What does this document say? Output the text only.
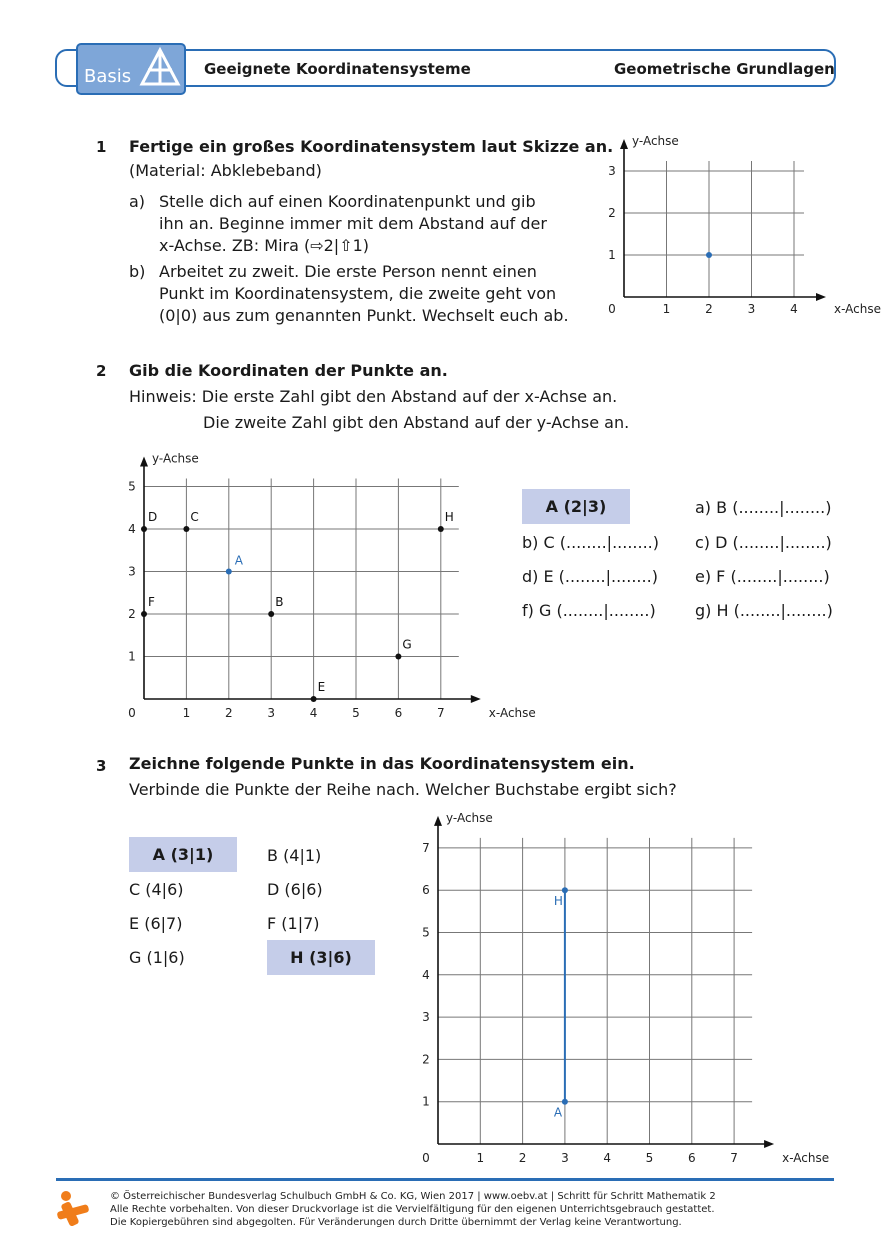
Basis	Geeignete Koordinatensysteme	Geometrische Grundlagen
1 Fertige ein großes Koordinatensystem laut Skizze an.
(Material: Abklebeband)
a) Stelle dich auf einen Koordinatenpunkt und gib
ihn an. Beginne immer mit dem Abstand auf der
x-Achse. ZB: Mira (⇨2|⇧1)
b) Arbeitet zu zweit. Die erste Person nennt einen
Punkt im Koordinatensystem, die zweite geht von
(0|0) aus zum genannten Punkt. Wechselt euch ab.	1	2	3	4
1
2
3
0	x-Achse
y-Achse
2 Gib die Koordinaten der Punkte an.
Hinweis: Die erste Zahl gibt den Abstand auf der x-Achse an.
Die zweite Zahl gibt den Abstand auf der y-Achse an.
1	2	3	4	5	6	7
1
2
3
4
5
0	x-Achse
y-Achse
A
B
C
D
E
F
G
H
A (2|3)	a) B (........|........)
b) C (........|........) c) D (........|........)
d) E (........|........) e) F (........|........)
f) G (........|........) g) H (........|........)
3 Zeichne folgende Punkte in das Koordinatensystem ein.
Verbinde die Punkte der Reihe nach. Welcher Buchstabe ergibt sich?
A (3|1)	B (4|1)
C (4|6)	D (6|6)
E (6|7)	F (1|7)
G (1|6)	H (3|6)
1	2	3	4	5	6	7
1
2
3
4
5
6
7
0	x-Achse
y-Achse
A
H
© Österreichischer Bundesverlag Schulbuch GmbH & Co. KG, Wien 2017 | www.oebv.at | Schritt für Schritt Mathematik 2
Alle Rechte vorbehalten. Von dieser Druckvorlage ist die Vervielfältigung für den eigenen Unterrichtsgebrauch gestattet.
Die Kopiergebühren sind abgegolten. Für Veränderungen durch Dritte übernimmt der Verlag keine Verantwortung.
